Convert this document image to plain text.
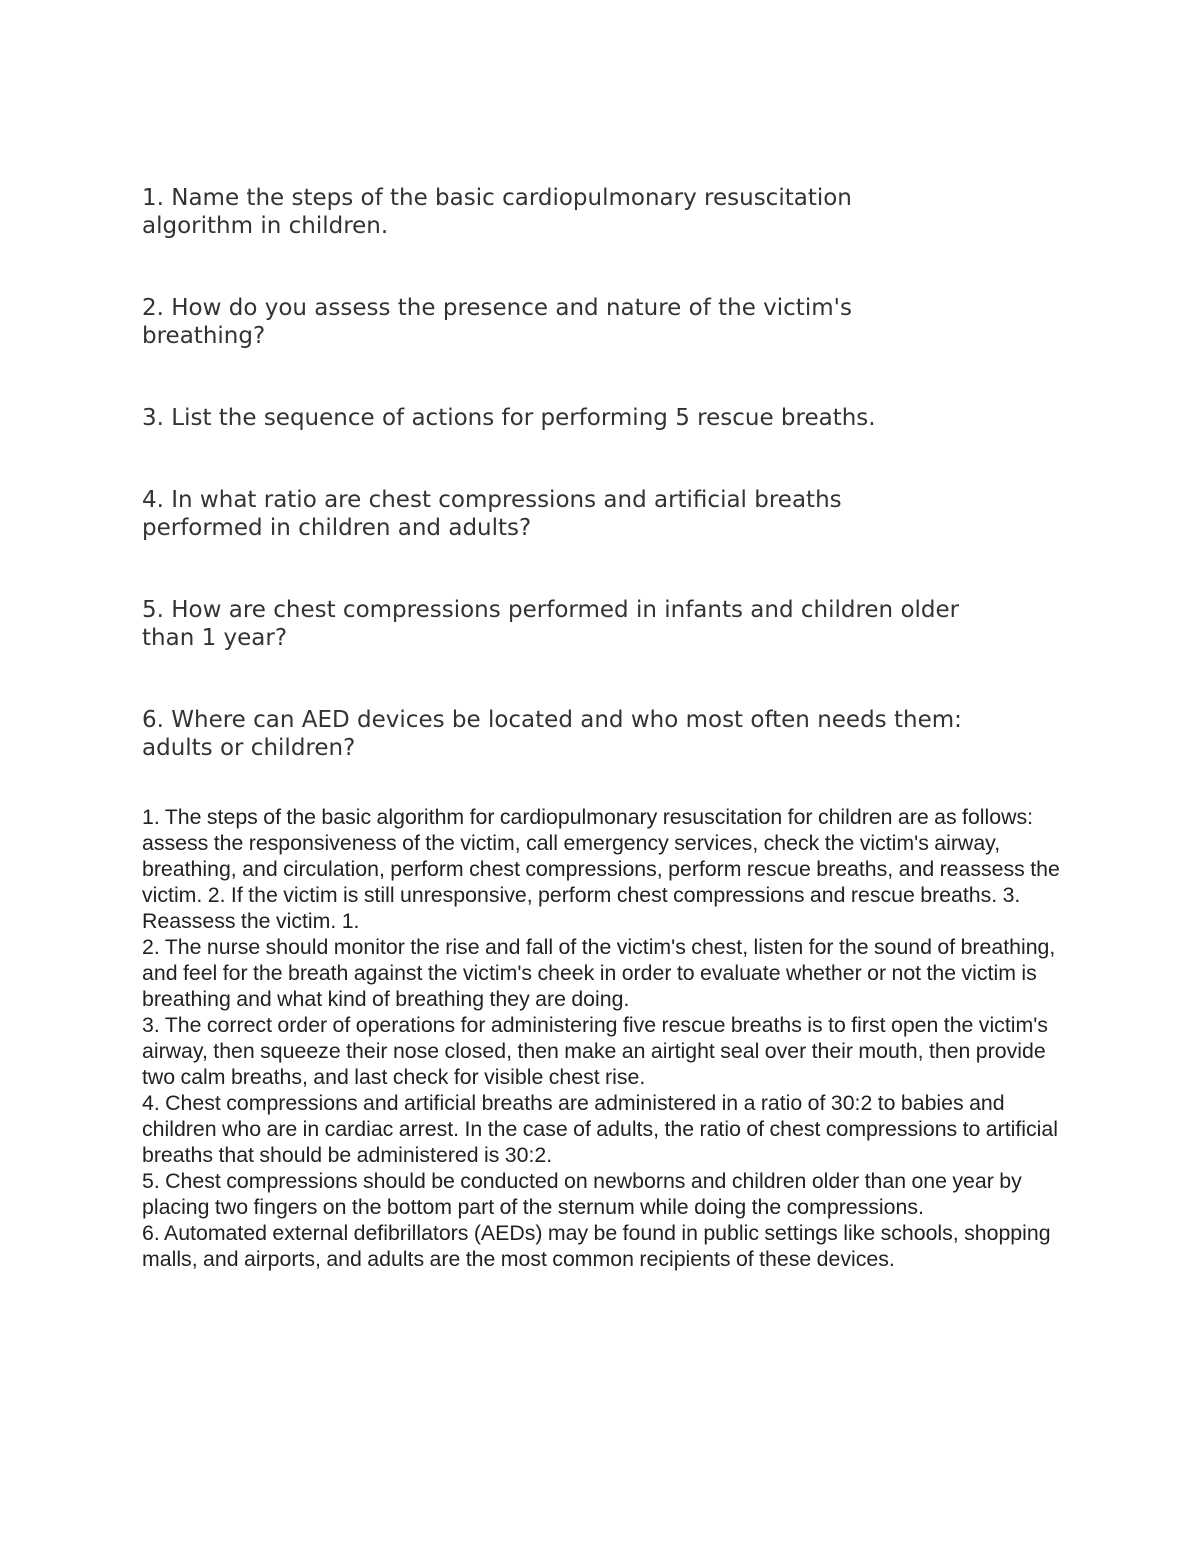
1. Name the steps of the basic cardiopulmonary resuscitation algorithm in children.

2. How do you assess the presence and nature of the victim's breathing?

3. List the sequence of actions for performing 5 rescue breaths.

4. In what ratio are chest compressions and artificial breaths performed in children and adults?

5. How are chest compressions performed in infants and children older than 1 year?

6. Where can AED devices be located and who most often needs them: adults or children?

1. The steps of the basic algorithm for cardiopulmonary resuscitation for children are as follows: assess the responsiveness of the victim, call emergency services, check the victim's airway, breathing, and circulation, perform chest compressions, perform rescue breaths, and reassess the victim. 2. If the victim is still unresponsive, perform chest compressions and rescue breaths. 3. Reassess the victim. 1.

2. The nurse should monitor the rise and fall of the victim's chest, listen for the sound of breathing, and feel for the breath against the victim's cheek in order to evaluate whether or not the victim is breathing and what kind of breathing they are doing.

3. The correct order of operations for administering five rescue breaths is to first open the victim's airway, then squeeze their nose closed, then make an airtight seal over their mouth, then provide two calm breaths, and last check for visible chest rise.

4. Chest compressions and artificial breaths are administered in a ratio of 30:2 to babies and children who are in cardiac arrest. In the case of adults, the ratio of chest compressions to artificial breaths that should be administered is 30:2.

5. Chest compressions should be conducted on newborns and children older than one year by placing two fingers on the bottom part of the sternum while doing the compressions.

6. Automated external defibrillators (AEDs) may be found in public settings like schools, shopping malls, and airports, and adults are the most common recipients of these devices.
